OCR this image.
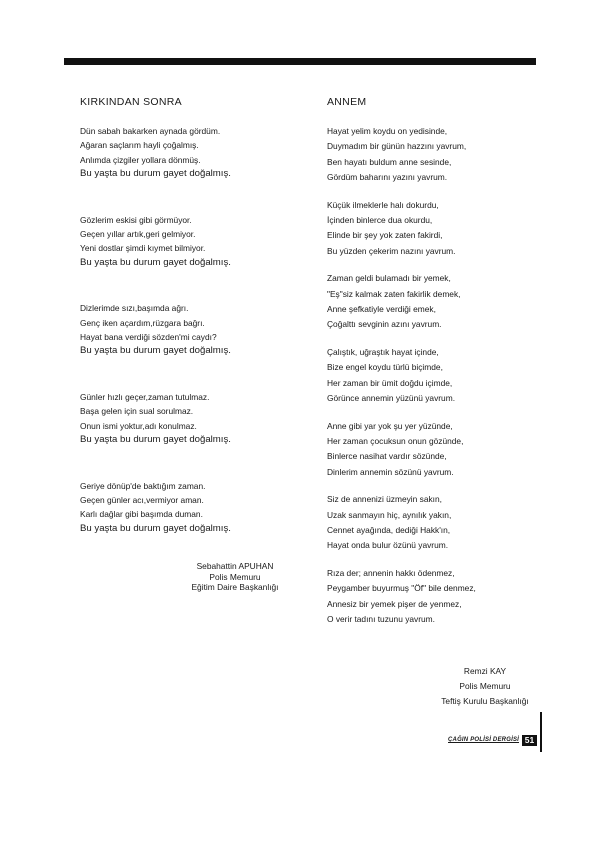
KIRKINDAN SONRA
Dün sabah bakarken aynada gördüm.
Ağaran saçlarım hayli çoğalmış.
Anlımda çizgiler yollara dönmüş.
Bu yaşta bu durum gayet doğalmış.
Gözlerim eskisi gibi görmüyor.
Geçen yıllar artık,geri gelmiyor.
Yeni dostlar şimdi kıymet bilmiyor.
Bu yaşta bu durum gayet doğalmış.
Dizlerimde sızı,başımda ağrı.
Genç iken açardım,rüzgara bağrı.
Hayat bana verdiği sözden'mi caydı?
Bu yaşta bu durum gayet doğalmış.
Günler hızlı geçer,zaman tutulmaz.
Başa gelen için sual sorulmaz.
Onun ismi yoktur,adı konulmaz.
Bu yaşta bu durum gayet doğalmış.
Geriye dönüp'de baktığım zaman.
Geçen günler acı,vermiyor aman.
Karlı dağlar gibi başımda duman.
Bu yaşta bu durum gayet doğalmış.
ANNEM
Hayat yelim koydu on yedisinde,
Duymadım bir günün hazzını yavrum,
Ben hayatı buldum anne sesinde,
Gördüm baharını yazını yavrum.
Küçük ilmeklerle halı dokurdu,
İçinden binlerce dua okurdu,
Elinde bir şey yok zaten fakirdi,
Bu yüzden çekerim nazını yavrum.
Zaman geldi bulamadı bir yemek,
"Eş"siz kalmak zaten fakirlik demek,
Anne şefkatiyle verdiği emek,
Çoğalttı sevginin azını yavrum.
Çalıştık, uğraştık hayat içinde,
Bize engel koydu türlü biçimde,
Her zaman bir ümit doğdu içimde,
Görünce annemin yüzünü yavrum.
Anne gibi yar yok şu yer yüzünde,
Her zaman çocuksun onun gözünde,
Binlerce nasihat vardır sözünde,
Dinlerim annemin sözünü yavrum.
Siz de annenizi üzmeyin sakın,
Uzak sanmayın hiç, aynılık yakın,
Cennet ayağında, dediği Hakk'ın,
Hayat onda bulur özünü yavrum.
Rıza der; annenin hakkı ödenmez,
Peygamber buyurmuş "Öf" bile denmez,
Annesiz bir yemek pişer de yenmez,
O verir tadını tuzunu yavrum.
Sebahattin APUHAN
Polis Memuru
Eğitim Daire Başkanlığı
Remzi KAY
Polis Memuru
Teftiş Kurulu Başkanlığı
ÇAĞIN POLİSİ DERGİSİ 51
